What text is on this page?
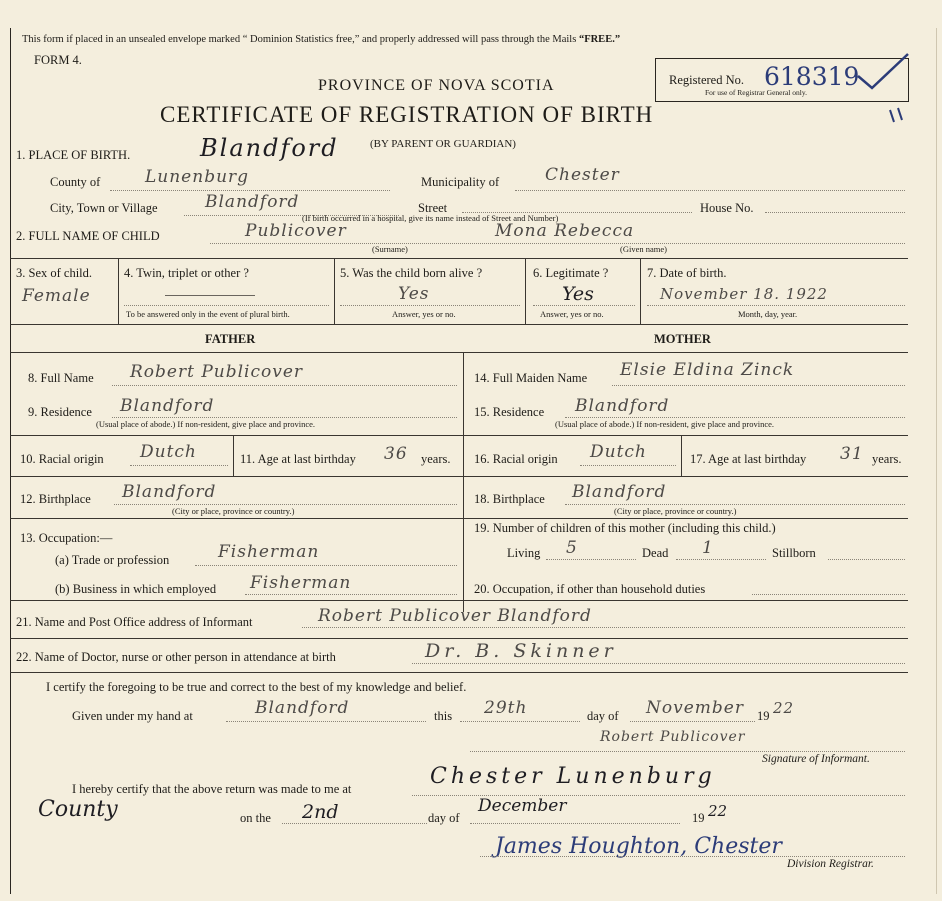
This form if placed in an unsealed envelope marked “ Dominion Statistics free,” and properly addressed will pass through the Mails “FREE.”
FORM 4.
PROVINCE OF NOVA SCOTIA
CERTIFICATE OF REGISTRATION OF BIRTH
Registered No. 618319
For use of Registrar General only.
1. PLACE OF BIRTH.	Blandford	(BY PARENT OR GUARDIAN)
County of	Lunenburg	Municipality of	Chester
City, Town or Village	Blandford	Street
(If birth occurred in a hospital, give its name instead of Street and Number)
House No.
2. FULL NAME OF CHILD	Publicover
(Surname)
Mona Rebecca
(Given name)
3. Sex of child.
Female
4. Twin, triplet or other ?
To be answered only in the event of plural birth.
5. Was the child born alive ?
Yes
Answer, yes or no.
6. Legitimate ?
Yes
Answer, yes or no.
7. Date of birth.
November 18. 1922
Month, day, year.
FATHER	MOTHER
8. Full Name Robert Publicover
9. Residence Blandford
(Usual place of abode.) If non-resident, give place and province.
10. Racial origin Dutch	11. Age at last birthday 36 years.
12. Birthplace Blandford
(City or place, province or country.)
13. Occupation:—
(a) Trade or profession	Fisherman
(b) Business in which employed Fisherman
14. Full Maiden Name Elsie Eldina Zinck
15. Residence Blandford
(Usual place of abode.) If non-resident, give place and province.
16. Racial origin Dutch	17. Age at last birthday 31 years.
18. Birthplace Blandford
(City or place, province or country.)
19. Number of children of this mother (including this child.)
Living 5	Dead 1	Stillborn
20. Occupation, if other than household duties
21. Name and Post Office address of Informant	Robert Publicover Blandford
22. Name of Doctor, nurse or other person in attendance at birth	Dr. B. Skinner
I certify the foregoing to be true and correct to the best of my knowledge and belief.
Given under my hand at	Blandford	this 29th	day of November 19 22
Robert Publicover
Signature of Informant.
I hereby certify that the above return was made to me at	Chester Lunenburg
County	on the 2nd	day of
December
19 22
James Houghton, Chester
Division Registrar.
